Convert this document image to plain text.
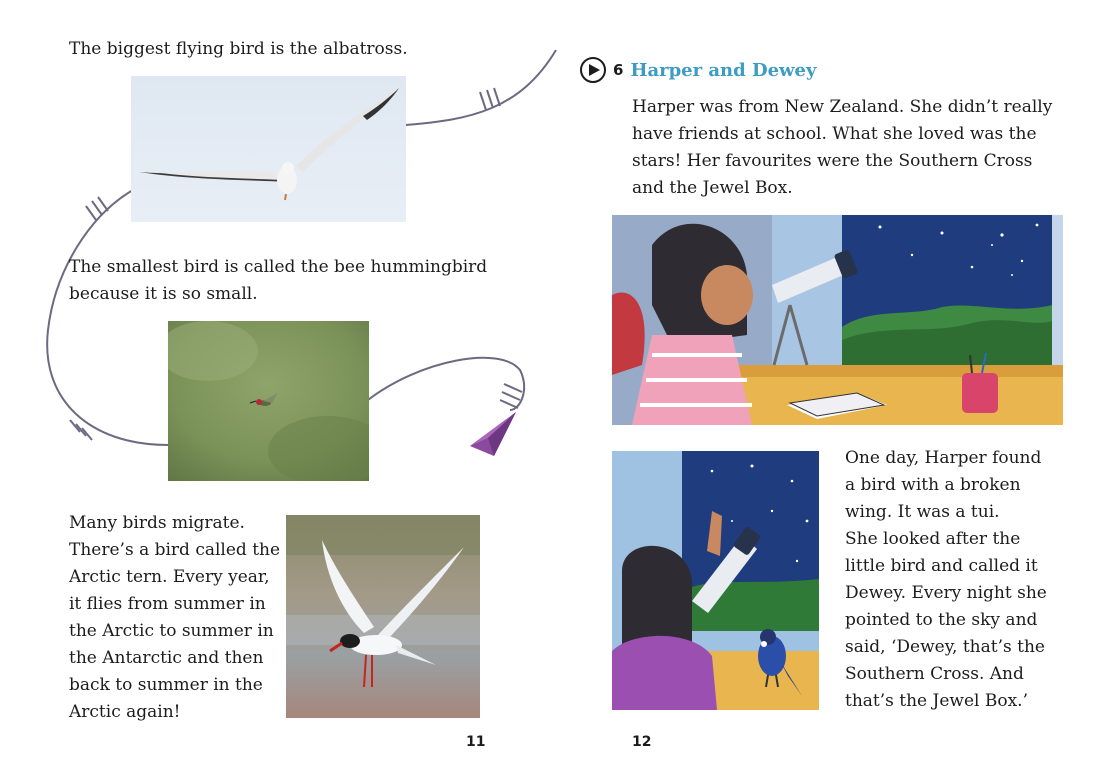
The biggest flying bird is the albatross.

The smallest bird is called the bee hummingbird
because it is so small.

Many birds migrate.
There’s a bird called the
Arctic tern. Every year,
it flies from summer in
the Arctic to summer in
the Antarctic and then
back to summer in the
Arctic again!

11
6 Harper and Dewey

Harper was from New Zealand. She didn’t really
have friends at school. What she loved was the
stars! Her favourites were the Southern Cross
and the Jewel Box.

One day, Harper found
a bird with a broken
wing. It was a tui.
She looked after the
little bird and called it
Dewey. Every night she
pointed to the sky and
said, ‘Dewey, that’s the
Southern Cross. And
that’s the Jewel Box.’

12
